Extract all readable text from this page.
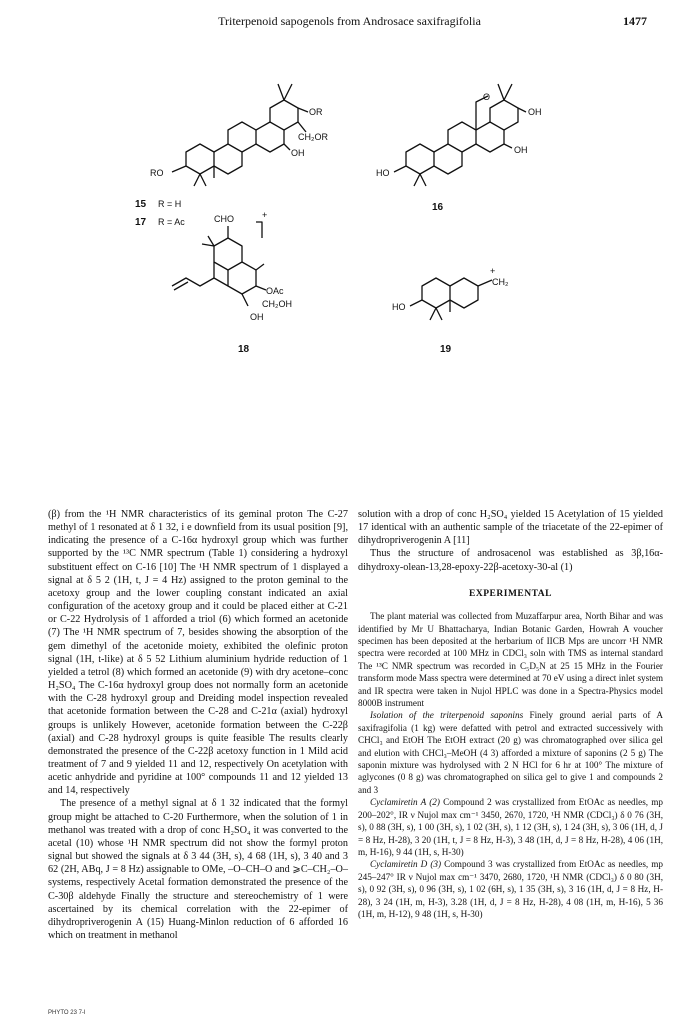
Triterpenoid sapogenols from Androsace saxifragifolia	1477
OR
CH₂OR
OH
RO
15 R = H
17 R = Ac
O
OH
OH
HO
16
CHO	+
OAc
CH₂OH
OH
18
+
CH₂
HO
19

(β) from the ¹H NMR characteristics of its geminal proton The C-27 methyl of 1 resonated at δ 1 32, i e downfield from its usual position [9], indicating the presence of a C-16α hydroxyl group which was further supported by the ¹³C NMR spectrum (Table 1) considering a hydroxyl substituent effect on C-16 [10] The ¹H NMR spectrum of 1 displayed a signal at δ 5 2 (1H, t, J = 4 Hz) assigned to the proton geminal to the acetoxy group and the lower coupling constant indicated an axial configuration of the acetoxy group and it could be placed either at C-21 or C-22 Hydrolysis of 1 afforded a triol (6) which formed an acetonide (7) The ¹H NMR spectrum of 7, besides showing the absorption of the gem dimethyl of the acetonide moiety, exhibited the olefinic proton signal (1H, t-like) at δ 5 52 Lithium aluminium hydride reduction of 1 yielded a tetrol (8) which formed an acetonide (9) with dry acetone–conc H₂SO₄ The C-16α hydroxyl group does not normally form an acetonide with the C-28 hydroxyl group and Dreiding model inspection revealed that acetonide formation between the C-28 and C-21α (axial) hydroxyl groups is unlikely However, acetonide formation between the C-22β (axial) and C-28 hydroxyl groups is quite feasible The results clearly demonstrated the presence of the C-22β acetoxy function in 1 Mild acid treatment of 7 and 9 yielded 11 and 12, respectively On acetylation with acetic anhydride and pyridine at 100° compounds 11 and 12 yielded 13 and 14, respectively

The presence of a methyl signal at δ 1 32 indicated that the formyl group might be attached to C-20 Furthermore, when the solution of 1 in methanol was treated with a drop of conc H₂SO₄ it was converted to the acetal (10) whose ¹H NMR spectrum did not show the formyl proton signal but showed the signals at δ 3 44 (3H, s), 4 68 (1H, s), 3 40 and 3 62 (2H, ABq, J = 8 Hz) assignable to OMe, –O–CH–O and ⩾C–CH₂–O– systems, respectively Acetal formation demonstrated the presence of the C-30β aldehyde Finally the structure and stereochemistry of 1 were ascertained by its chemical correlation with the 22-epimer of dihydropriverogenin A (15) Huang-Minlon reduction of 6 afforded 16 which on treatment in methanol

solution with a drop of conc H₂SO₄ yielded 15 Acetylation of 15 yielded 17 identical with an authentic sample of the triacetate of the 22-epimer of dihydropriverogenin A [11]

Thus the structure of androsacenol was established as 3β,16α-dihydroxy-olean-13,28-epoxy-22β-acetoxy-30-al (1)

EXPERIMENTAL

The plant material was collected from Muzaffarpur area, North Bihar and was identified by Mr U Bhattacharya, Indian Botanic Garden, Howrah A voucher specimen has been deposited at the herbarium of IICB Mps are uncorr ¹H NMR spectra were recorded at 100 MHz in CDCl₃ soln with TMS as internal standard The ¹³C NMR spectrum was recorded in C₅D₅N at 25 15 MHz in the Fourier transform mode Mass spectra were determined at 70 eV using a direct inlet system and IR spectra were taken in Nujol HPLC was done in a Spectra-Physics model 8000B instrument

Isolation of the triterpenoid saponins Finely ground aerial parts of A saxifragifolia (1 kg) were defatted with petrol and extracted successively with CHCl₃ and EtOH The EtOH extract (20 g) was chromatographed over silica gel and elution with CHCl₃–MeOH (4 3) afforded a mixture of saponins (2 5 g) The saponin mixture was hydrolysed with 2 N HCl for 6 hr at 100° The mixture of aglycones (0 8 g) was chromatographed on silica gel to give 1 and compounds 2 and 3

Cyclamiretin A (2) Compound 2 was crystallized from EtOAc as needles, mp 200–202°, IR ν Nujol max cm⁻¹ 3450, 2670, 1720, ¹H NMR (CDCl₃) δ 0 76 (3H, s), 0 88 (3H, s), 1 00 (3H, s), 1 02 (3H, s), 1 12 (3H, s), 1 24 (3H, s), 3 06 (1H, d, J = 8 Hz, H-28), 3 20 (1H, t, J = 8 Hz, H-3), 3 48 (1H, d, J = 8 Hz, H-28), 4 06 (1H, m, H-16), 9 44 (1H, s, H-30)

Cyclamiretin D (3) Compound 3 was crystallized from EtOAc as needles, mp 245–247° IR ν Nujol max cm⁻¹ 3470, 2680, 1720, ¹H NMR (CDCl₃) δ 0 80 (3H, s), 0 92 (3H, s), 0 96 (3H, s), 1 02 (6H, s), 1 35 (3H, s), 3 16 (1H, d, J = 8 Hz, H-28), 3 24 (1H, m, H-3), 3.28 (1H, d, J = 8 Hz, H-28), 4 08 (1H, m, H-16), 5 36 (1H, m, H-12), 9 48 (1H, s, H-30)

PHYTO 23 7-I
